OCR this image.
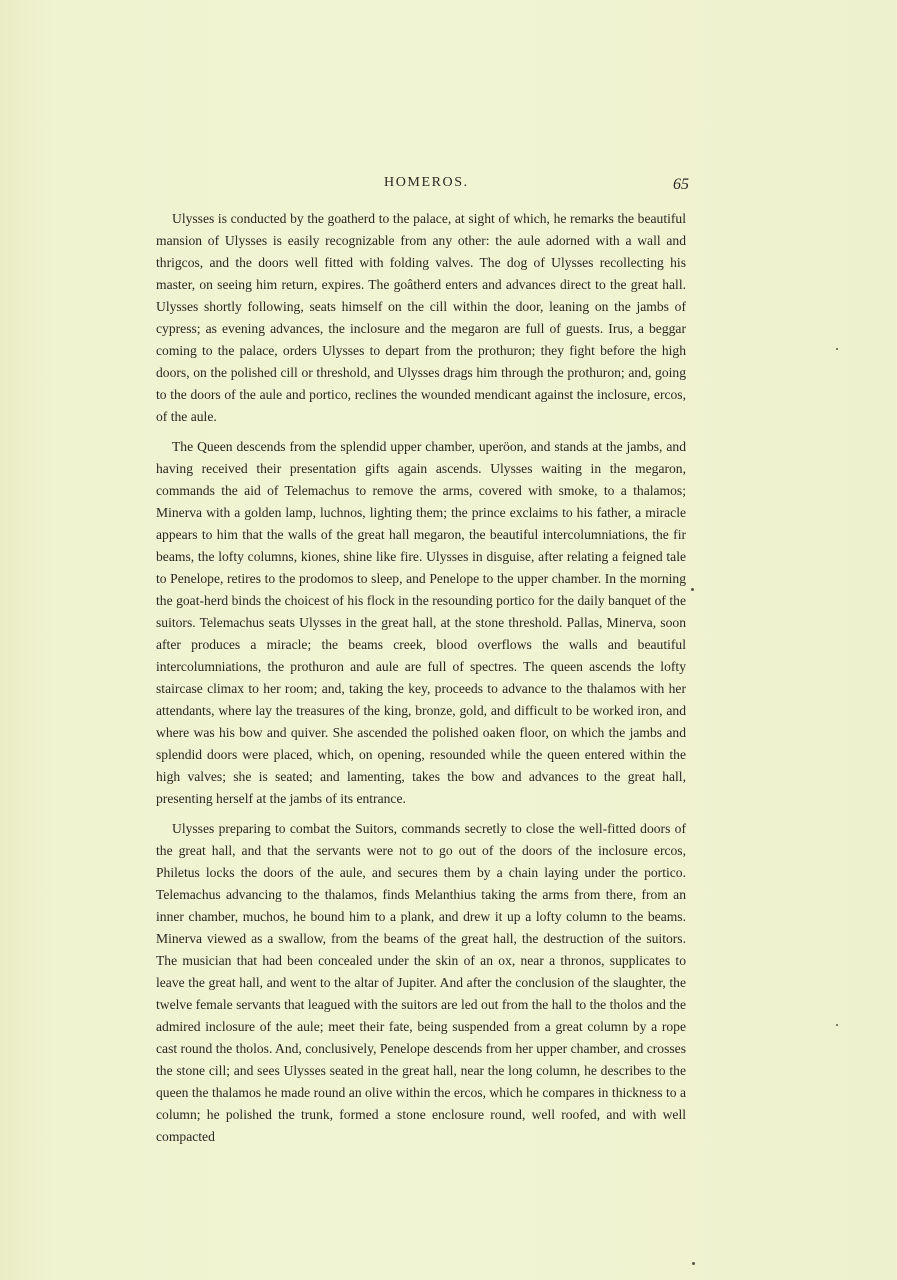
HOMEROS.	65

Ulysses is conducted by the goatherd to the palace, at sight of which, he remarks the beautiful mansion of Ulysses is easily recognizable from any other: the aule adorned with a wall and thrigcos, and the doors well fitted with folding valves. The dog of Ulysses recollecting his master, on seeing him return, expires. The goâtherd enters and advances direct to the great hall. Ulysses shortly following, seats himself on the cill within the door, leaning on the jambs of cypress; as evening advances, the inclosure and the megaron are full of guests. Irus, a beggar coming to the palace, orders Ulysses to depart from the prothuron; they fight before the high doors, on the polished cill or threshold, and Ulysses drags him through the prothuron; and, going to the doors of the aule and portico, reclines the wounded mendicant against the inclosure, ercos, of the aule.

The Queen descends from the splendid upper chamber, uperöon, and stands at the jambs, and having received their presentation gifts again ascends. Ulysses waiting in the megaron, commands the aid of Telemachus to remove the arms, covered with smoke, to a thalamos; Minerva with a golden lamp, luchnos, lighting them; the prince exclaims to his father, a miracle appears to him that the walls of the great hall megaron, the beautiful intercolumniations, the fir beams, the lofty columns, kiones, shine like fire. Ulysses in disguise, after relating a feigned tale to Penelope, retires to the prodomos to sleep, and Penelope to the upper chamber. In the morning the goat-herd binds the choicest of his flock in the resounding portico for the daily banquet of the suitors. Telemachus seats Ulysses in the great hall, at the stone threshold. Pallas, Minerva, soon after produces a miracle; the beams creek, blood overflows the walls and beautiful intercolumniations, the prothuron and aule are full of spectres. The queen ascends the lofty staircase climax to her room; and, taking the key, proceeds to advance to the thalamos with her attendants, where lay the treasures of the king, bronze, gold, and difficult to be worked iron, and where was his bow and quiver. She ascended the polished oaken floor, on which the jambs and splendid doors were placed, which, on opening, resounded while the queen entered within the high valves; she is seated; and lamenting, takes the bow and advances to the great hall, presenting herself at the jambs of its entrance.

Ulysses preparing to combat the Suitors, commands secretly to close the well-fitted doors of the great hall, and that the servants were not to go out of the doors of the inclosure ercos, Philetus locks the doors of the aule, and secures them by a chain laying under the portico. Telemachus advancing to the thalamos, finds Melanthius taking the arms from there, from an inner chamber, muchos, he bound him to a plank, and drew it up a lofty column to the beams. Minerva viewed as a swallow, from the beams of the great hall, the destruction of the suitors. The musician that had been concealed under the skin of an ox, near a thronos, supplicates to leave the great hall, and went to the altar of Jupiter. And after the conclusion of the slaughter, the twelve female servants that leagued with the suitors are led out from the hall to the tholos and the admired inclosure of the aule; meet their fate, being suspended from a great column by a rope cast round the tholos. And, conclusively, Penelope descends from her upper chamber, and crosses the stone cill; and sees Ulysses seated in the great hall, near the long column, he describes to the queen the thalamos he made round an olive within the ercos, which he compares in thickness to a column; he polished the trunk, formed a stone enclosure round, well roofed, and with well compacted
